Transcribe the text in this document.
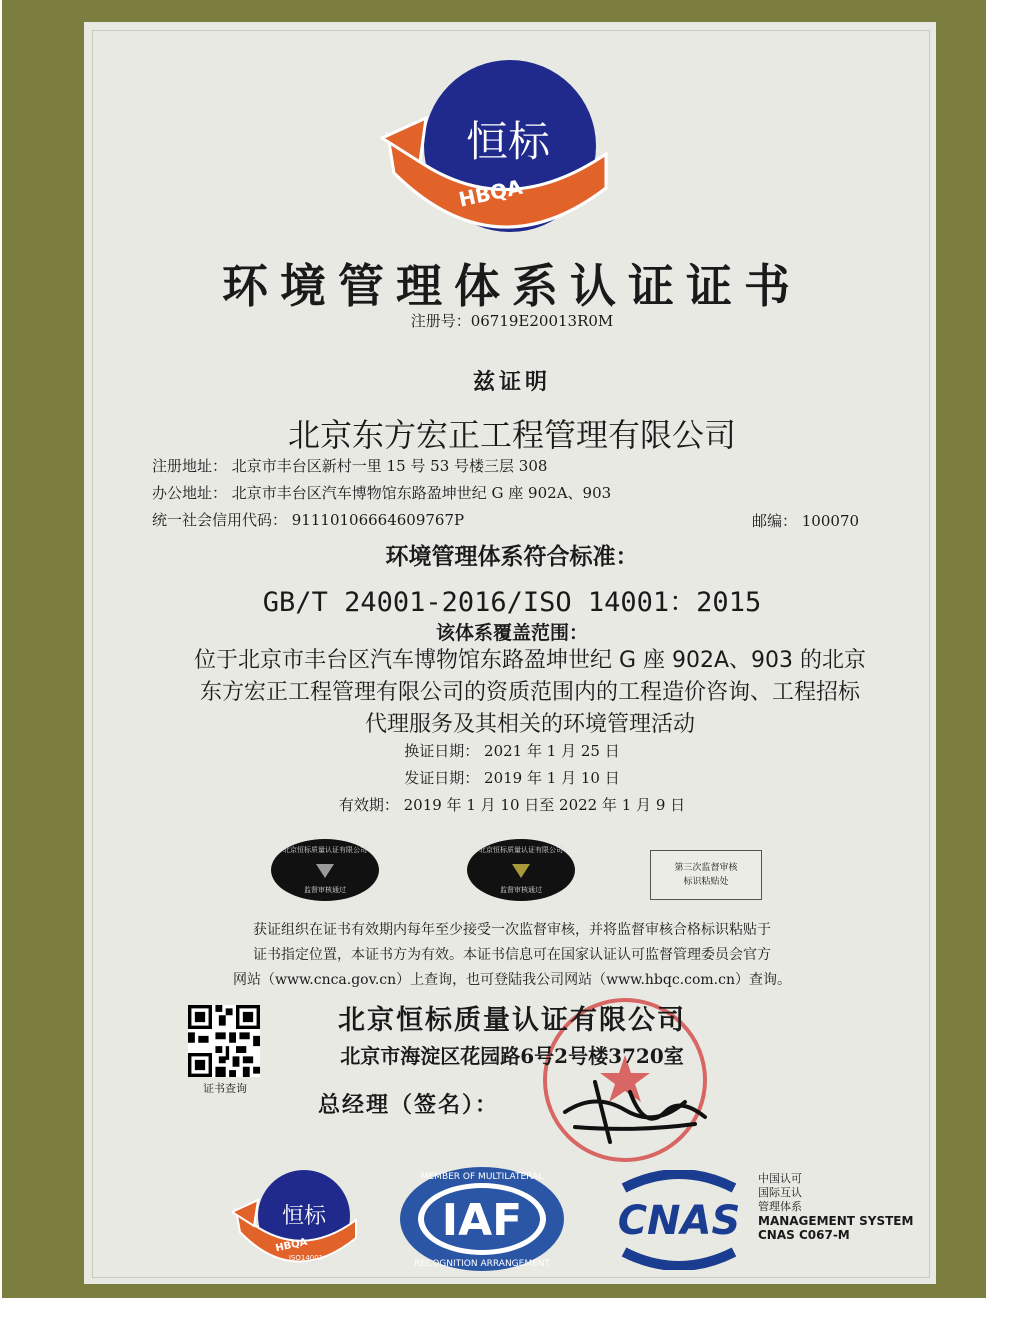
恒标
HBQA
环境管理体系认证证书
注册号：06719E20013R0M
兹证明
北京东方宏正工程管理有限公司
注册地址： 北京市丰台区新村一里 15 号 53 号楼三层 308
办公地址： 北京市丰台区汽车博物馆东路盈坤世纪 G 座 902A、903
统一社会信用代码： 91110106664609767P	邮编： 100070
环境管理体系符合标准：
GB/T 24001-2016/ISO 14001：2015
该体系覆盖范围：
位于北京市丰台区汽车博物馆东路盈坤世纪 G 座 902A、903 的北京
东方宏正工程管理有限公司的资质范围内的工程造价咨询、工程招标
代理服务及其相关的环境管理活动
换证日期： 2021 年 1 月 25 日
发证日期： 2019 年 1 月 10 日
有效期： 2019 年 1 月 10 日至 2022 年 1 月 9 日
北京恒标质量认证有限公司
监督审核通过
北京恒标质量认证有限公司
监督审核通过
第三次监督审核
标识粘贴处
获证组织在证书有效期内每年至少接受一次监督审核，并将监督审核合格标识粘贴于
证书指定位置，本证书方为有效。本证书信息可在国家认证认可监督管理委员会官方
网站（www.cnca.gov.cn）上查询，也可登陆我公司网站（www.hbqc.com.cn）查询。
证书查询
北京恒标质量认证有限公司
北京市海淀区花园路6号2号楼3720室
总经理（签名）：
恒标
HBQA
ISO14001
IAF
MEMBER OF MULTILATERAL
RECOGNITION ARRANGEMENT
CNAS
中国认可
国际互认
管理体系
MANAGEMENT SYSTEM
CNAS C067-M
